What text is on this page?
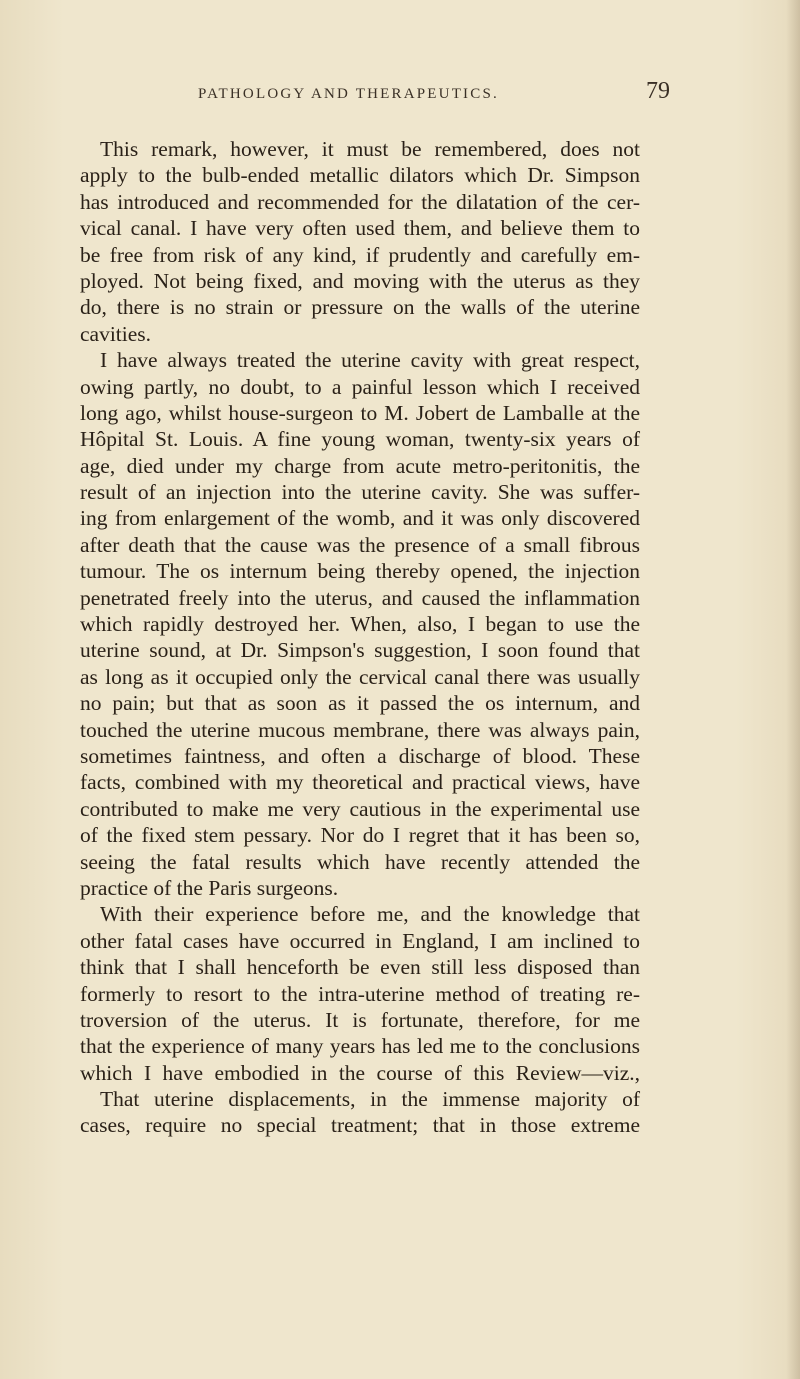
PATHOLOGY AND THERAPEUTICS.	79
This remark, however, it must be remembered, does not
apply to the bulb-ended metallic dilators which Dr. Simpson
has introduced and recommended for the dilatation of the cer-
vical canal. I have very often used them, and believe them to
be free from risk of any kind, if prudently and carefully em-
ployed. Not being fixed, and moving with the uterus as they
do, there is no strain or pressure on the walls of the uterine
cavities.
I have always treated the uterine cavity with great respect,
owing partly, no doubt, to a painful lesson which I received
long ago, whilst house-surgeon to M. Jobert de Lamballe at the
Hôpital St. Louis. A fine young woman, twenty-six years of
age, died under my charge from acute metro-peritonitis, the
result of an injection into the uterine cavity. She was suffer-
ing from enlargement of the womb, and it was only discovered
after death that the cause was the presence of a small fibrous
tumour. The os internum being thereby opened, the injection
penetrated freely into the uterus, and caused the inflammation
which rapidly destroyed her. When, also, I began to use the
uterine sound, at Dr. Simpson's suggestion, I soon found that
as long as it occupied only the cervical canal there was usually
no pain; but that as soon as it passed the os internum, and
touched the uterine mucous membrane, there was always pain,
sometimes faintness, and often a discharge of blood. These
facts, combined with my theoretical and practical views, have
contributed to make me very cautious in the experimental use
of the fixed stem pessary. Nor do I regret that it has been so,
seeing the fatal results which have recently attended the
practice of the Paris surgeons.
With their experience before me, and the knowledge that
other fatal cases have occurred in England, I am inclined to
think that I shall henceforth be even still less disposed than
formerly to resort to the intra-uterine method of treating re-
troversion of the uterus. It is fortunate, therefore, for me
that the experience of many years has led me to the conclusions
which I have embodied in the course of this Review—viz.,
That uterine displacements, in the immense majority of
cases, require no special treatment; that in those extreme
